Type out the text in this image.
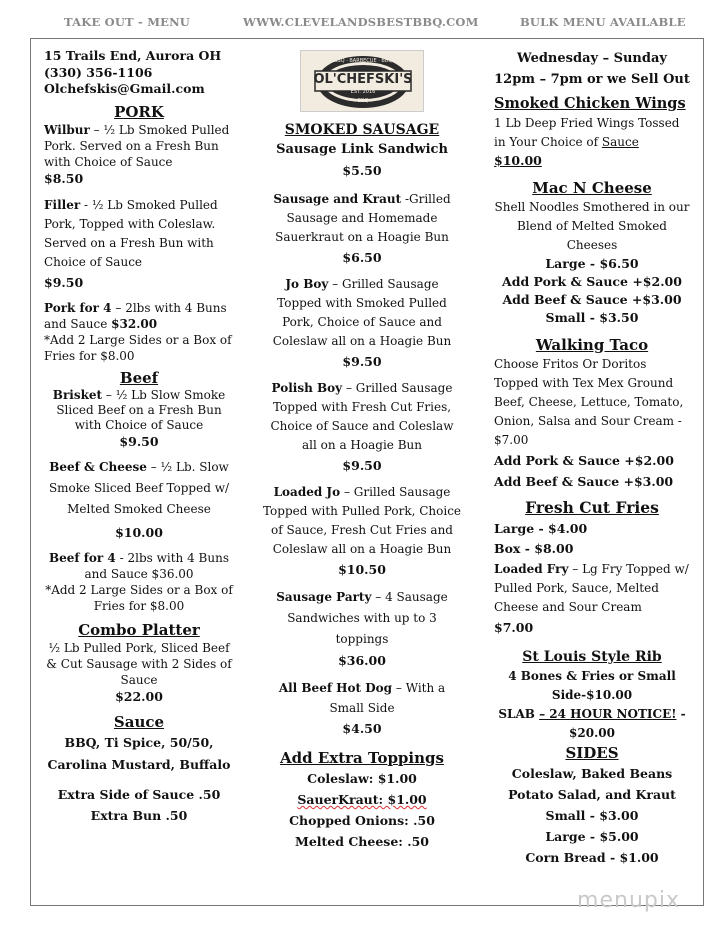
TAKE OUT - MENU	WWW.CLEVELANDSBESTBBQ.COM	BULK MENU AVAILABLE
15 Trails End, Aurora OH
(330) 356-1106
Olchefskis@Gmail.com
PORK
Wilbur – ½ Lb Smoked Pulled Pork. Served on a Fresh Bun with Choice of Sauce
$8.50
Filler - ½ Lb Smoked Pulled Pork, Topped with Coleslaw. Served on a Fresh Bun with Choice of Sauce
$9.50
Pork for 4 – 2lbs with 4 Buns and Sauce $32.00
*Add 2 Large Sides or a Box of Fries for $8.00
Beef
Brisket – ½ Lb Slow Smoke Sliced Beef on a Fresh Bun with Choice of Sauce
$9.50
Beef & Cheese – ½ Lb. Slow Smoke Sliced Beef Topped w/ Melted Smoked Cheese
$10.00
Beef for 4 - 2lbs with 4 Buns and Sauce $36.00
*Add 2 Large Sides or a Box of Fries for $8.00
Combo Platter
½ Lb Pulled Pork, Sliced Beef & Cut Sausage with 2 Sides of Sauce
$22.00
Sauce
BBQ, Ti Spice, 50/50,
Carolina Mustard, Buffalo
Extra Side of Sauce .50
Extra Bun .50
OL'CHEFSKI'S
EST. 2016
BBQ · BARBECUE · BBQ
BBQ
SMOKED SAUSAGE
Sausage Link Sandwich
$5.50
Sausage and Kraut -Grilled Sausage and Homemade Sauerkraut on a Hoagie Bun
$6.50
Jo Boy – Grilled Sausage Topped with Smoked Pulled Pork, Choice of Sauce and Coleslaw all on a Hoagie Bun
$9.50
Polish Boy – Grilled Sausage Topped with Fresh Cut Fries, Choice of Sauce and Coleslaw all on a Hoagie Bun
$9.50
Loaded Jo – Grilled Sausage Topped with Pulled Pork, Choice of Sauce, Fresh Cut Fries and Coleslaw all on a Hoagie Bun
$10.50
Sausage Party – 4 Sausage Sandwiches with up to 3 toppings
$36.00
All Beef Hot Dog – With a Small Side
$4.50
Add Extra Toppings
Coleslaw: $1.00
SauerKraut: $1.00
Chopped Onions: .50
Melted Cheese: .50
Wednesday – Sunday
12pm – 7pm or we Sell Out
Smoked Chicken Wings
1 Lb Deep Fried Wings Tossed in Your Choice of Sauce
$10.00
Mac N Cheese
Shell Noodles Smothered in our Blend of Melted Smoked Cheeses
Large - $6.50
Add Pork & Sauce +$2.00
Add Beef & Sauce +$3.00
Small - $3.50
Walking Taco
Choose Fritos Or Doritos Topped with Tex Mex Ground Beef, Cheese, Lettuce, Tomato, Onion, Salsa and Sour Cream - $7.00
Add Pork & Sauce +$2.00
Add Beef & Sauce +$3.00
Fresh Cut Fries
Large - $4.00
Box - $8.00
Loaded Fry – Lg Fry Topped w/ Pulled Pork, Sauce, Melted Cheese and Sour Cream
$7.00
St Louis Style Rib
4 Bones & Fries or Small Side-$10.00
SLAB – 24 HOUR NOTICE! - $20.00
SIDES
Coleslaw, Baked Beans
Potato Salad, and Kraut
Small - $3.00
Large - $5.00
Corn Bread - $1.00
menupix
